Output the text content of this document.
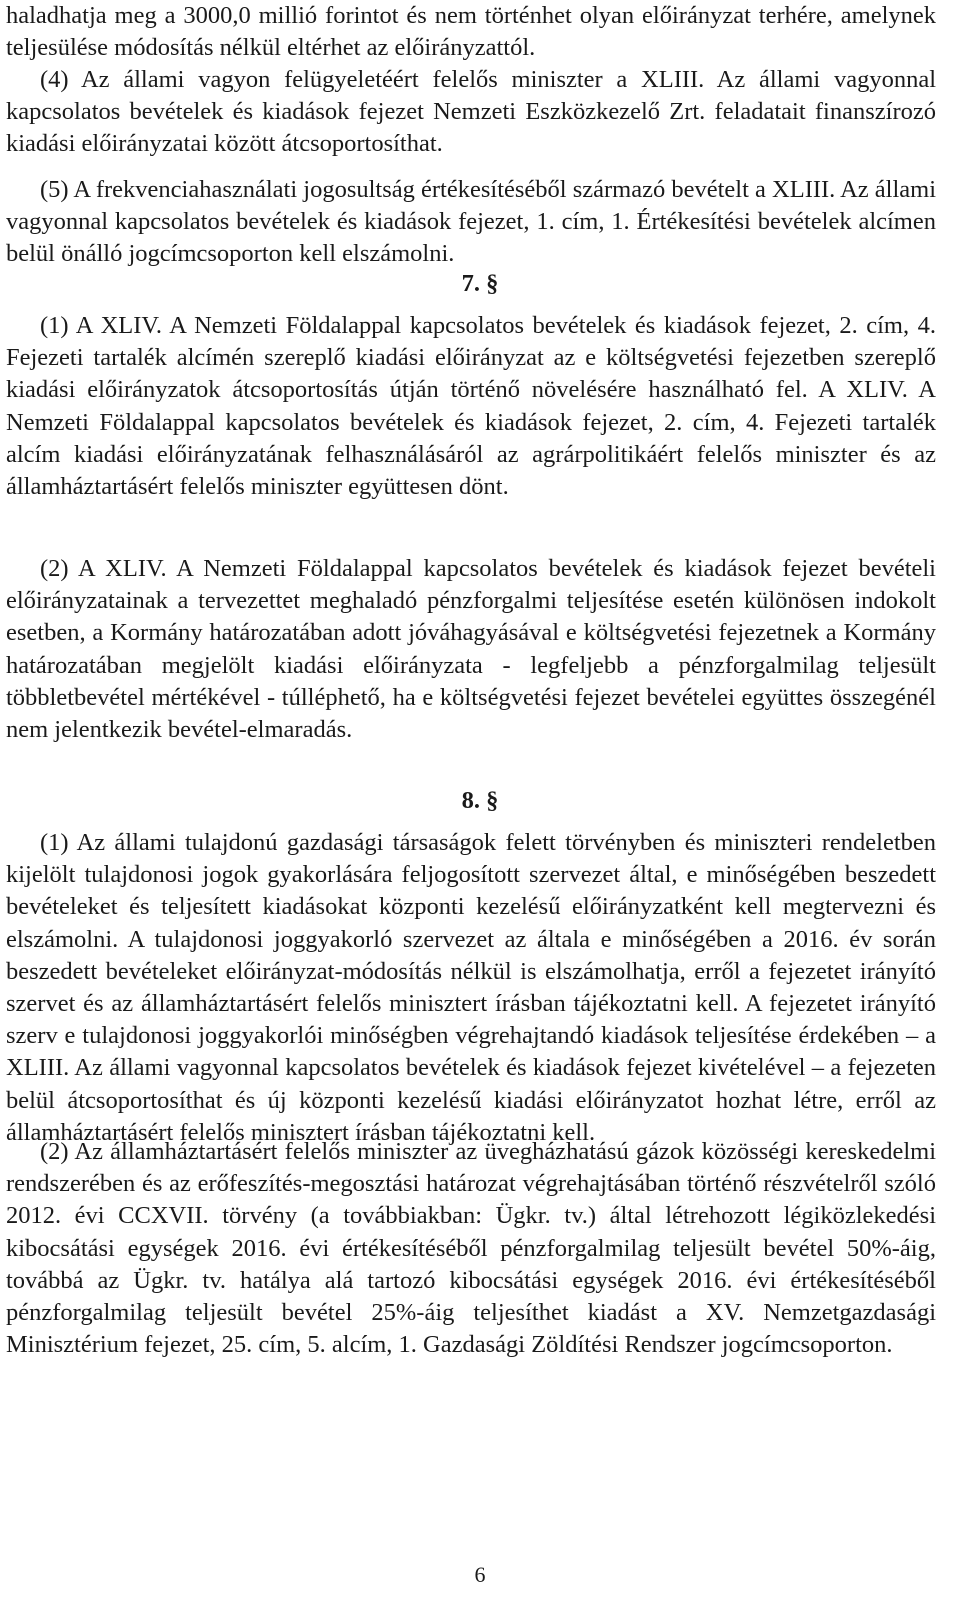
haladhatja meg a 3000,0 millió forintot és nem történhet olyan előirányzat terhére, amelynek teljesülése módosítás nélkül eltérhet az előirányzattól.

(4) Az állami vagyon felügyeletéért felelős miniszter a XLIII. Az állami vagyonnal kapcsolatos bevételek és kiadások fejezet Nemzeti Eszközkezelő Zrt. feladatait finanszírozó kiadási előirányzatai között átcsoportosíthat.

(5) A frekvenciahasználati jogosultság értékesítéséből származó bevételt a XLIII. Az állami vagyonnal kapcsolatos bevételek és kiadások fejezet, 1. cím, 1. Értékesítési bevételek alcímen belül önálló jogcímcsoporton kell elszámolni.

7. §

(1) A XLIV. A Nemzeti Földalappal kapcsolatos bevételek és kiadások fejezet, 2. cím, 4. Fejezeti tartalék alcímén szereplő kiadási előirányzat az e költségvetési fejezetben szereplő kiadási előirányzatok átcsoportosítás útján történő növelésére használható fel. A XLIV. A Nemzeti Földalappal kapcsolatos bevételek és kiadások fejezet, 2. cím, 4. Fejezeti tartalék alcím kiadási előirányzatának felhasználásáról az agrárpolitikáért felelős miniszter és az államháztartásért felelős miniszter együttesen dönt.

(2) A XLIV. A Nemzeti Földalappal kapcsolatos bevételek és kiadások fejezet bevételi előirányzatainak a tervezettet meghaladó pénzforgalmi teljesítése esetén különösen indokolt esetben, a Kormány határozatában adott jóváhagyásával e költségvetési fejezetnek a Kormány határozatában megjelölt kiadási előirányzata - legfeljebb a pénzforgalmilag teljesült többletbevétel mértékével - túlléphető, ha e költségvetési fejezet bevételei együttes összegénél nem jelentkezik bevétel-elmaradás.

8. §

(1) Az állami tulajdonú gazdasági társaságok felett törvényben és miniszteri rendeletben kijelölt tulajdonosi jogok gyakorlására feljogosított szervezet által, e minőségében beszedett bevételeket és teljesített kiadásokat központi kezelésű előirányzatként kell megtervezni és elszámolni. A tulajdonosi joggyakorló szervezet az általa e minőségében a 2016. év során beszedett bevételeket előirányzat-módosítás nélkül is elszámolhatja, erről a fejezetet irányító szervet és az államháztartásért felelős minisztert írásban tájékoztatni kell. A fejezetet irányító szerv e tulajdonosi joggyakorlói minőségben végrehajtandó kiadások teljesítése érdekében – a XLIII. Az állami vagyonnal kapcsolatos bevételek és kiadások fejezet kivételével – a fejezeten belül átcsoportosíthat és új központi kezelésű kiadási előirányzatot hozhat létre, erről az államháztartásért felelős minisztert írásban tájékoztatni kell.

(2) Az államháztartásért felelős miniszter az üvegházhatású gázok közösségi kereskedelmi rendszerében és az erőfeszítés-megosztási határozat végrehajtásában történő részvételről szóló 2012. évi CCXVII. törvény (a továbbiakban: Ügkr. tv.) által létrehozott légiközlekedési kibocsátási egységek 2016. évi értékesítéséből pénzforgalmilag teljesült bevétel 50%-áig, továbbá az Ügkr. tv. hatálya alá tartozó kibocsátási egységek 2016. évi értékesítéséből pénzforgalmilag teljesült bevétel 25%-áig teljesíthet kiadást a XV. Nemzetgazdasági Minisztérium fejezet, 25. cím, 5. alcím, 1. Gazdasági Zöldítési Rendszer jogcímcsoporton.

6
